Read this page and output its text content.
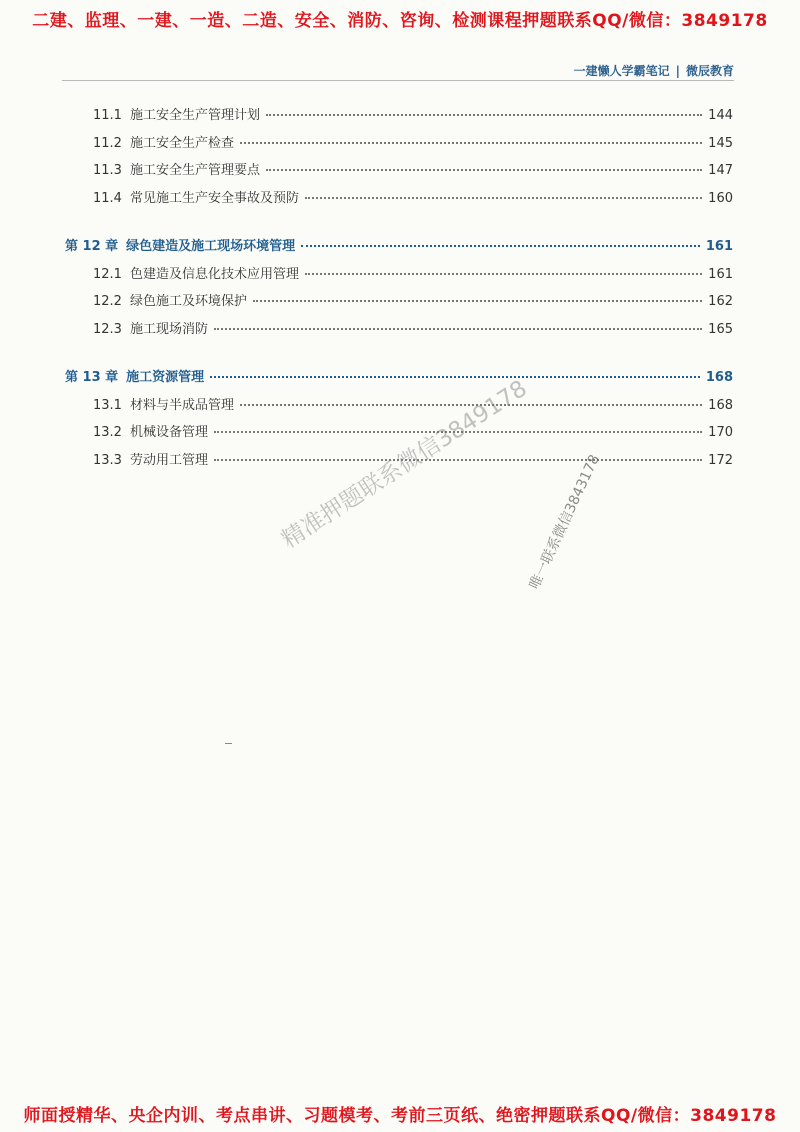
二建、监理、一建、一造、二造、安全、消防、咨询、检测课程押题联系QQ/微信：3849178
一建懒人学霸笔记 | 微辰教育
11.1 施工安全生产管理计划	144
11.2 施工安全生产检查	145
11.3 施工安全生产管理要点	147
11.4 常见施工生产安全事故及预防	160
第 12 章 绿色建造及施工现场环境管理	161
12.1 色建造及信息化技术应用管理	161
12.2 绿色施工及环境保护	162
12.3 施工现场消防	165
第 13 章 施工资源管理	168
13.1 材料与半成品管理	168
13.2 机械设备管理	170
13.3 劳动用工管理	172
精准押题联系微信3849178
唯一联系微信3843178
师面授精华、央企内训、考点串讲、习题模考、考前三页纸、绝密押题联系QQ/微信：3849178
